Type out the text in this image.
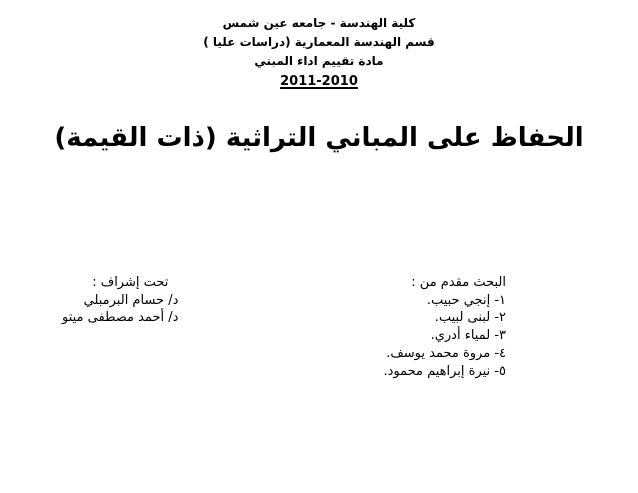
كلية الهندسة - جامعه عين شمس
قسم الهندسة المعمارية (دراسات عليا )
مادة تقييم اداء المبني
2011-2010
الحفاظ على المباني التراثية (ذات القيمة)
البحث مقدم من :
١- إنجي حبيب.
٢- لبنى لبيب.
٣- لمياء أدري.
٤- مروة محمد يوسف.
٥- نيرة إبراهيم محمود.
تحت إشراف :
د/ حسام البرمبلي
د/ أحمد مصطفى ميتو
